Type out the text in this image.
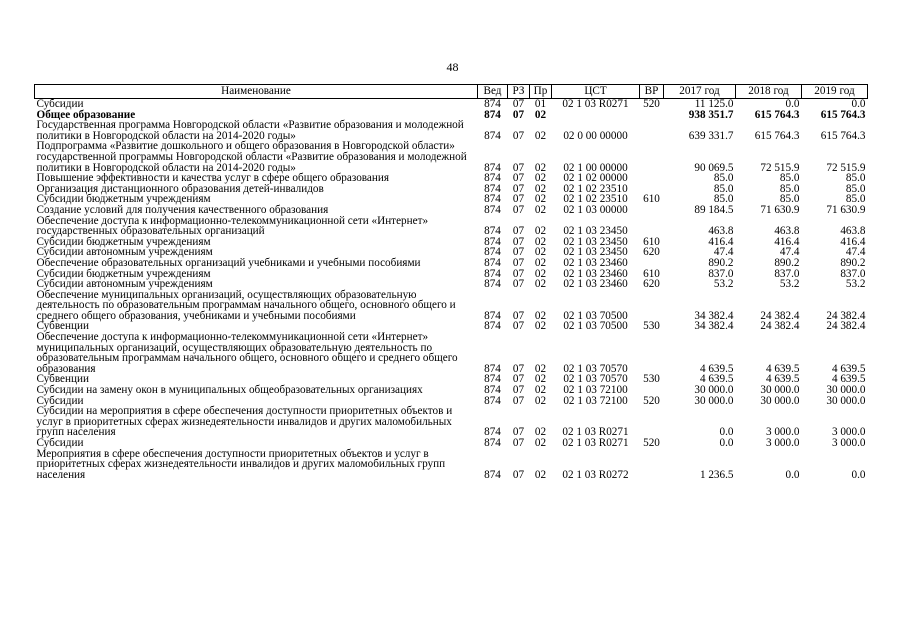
48
Наименование	Вед	РЗ	Пр	ЦСТ	ВР	2017 год	2018 год	2019 год
Субсидии	874	07	01	02 1 03 R0271	520	11 125.0	0.0	0.0
Общее образование	874	07	02			938 351.7	615 764.3	615 764.3
Государственная программа Новгородской области «Развитие образования и молодежной политики в Новгородской области на 2014-2020 годы»	874	07	02	02 0 00 00000		639 331.7	615 764.3	615 764.3
Подпрограмма «Развитие дошкольного и общего образования в Новгородской области» государственной программы Новгородской области «Развитие образования и молодежной политики в Новгородской области на 2014-2020 годы»	874	07	02	02 1 00 00000		90 069.5	72 515.9	72 515.9
Повышение эффективности и качества услуг в сфере общего образования	874	07	02	02 1 02 00000		85.0	85.0	85.0
Организация дистанционного образования детей-инвалидов	874	07	02	02 1 02 23510		85.0	85.0	85.0
Субсидии бюджетным учреждениям	874	07	02	02 1 02 23510	610	85.0	85.0	85.0
Создание условий для получения качественного образования	874	07	02	02 1 03 00000		89 184.5	71 630.9	71 630.9
Обеспечение доступа к информационно-телекоммуникационной сети «Интернет» государственных образовательных организаций	874	07	02	02 1 03 23450		463.8	463.8	463.8
Субсидии бюджетным учреждениям	874	07	02	02 1 03 23450	610	416.4	416.4	416.4
Субсидии автономным учреждениям	874	07	02	02 1 03 23450	620	47.4	47.4	47.4
Обеспечение образовательных организаций учебниками и учебными пособиями	874	07	02	02 1 03 23460		890.2	890.2	890.2
Субсидии бюджетным учреждениям	874	07	02	02 1 03 23460	610	837.0	837.0	837.0
Субсидии автономным учреждениям	874	07	02	02 1 03 23460	620	53.2	53.2	53.2
Обеспечение муниципальных организаций, осуществляющих образовательную деятельность по образовательным программам начального общего, основного общего и среднего общего образования, учебниками и учебными пособиями	874	07	02	02 1 03 70500		34 382.4	24 382.4	24 382.4
Субвенции	874	07	02	02 1 03 70500	530	34 382.4	24 382.4	24 382.4
Обеспечение доступа к информационно-телекоммуникационной сети «Интернет» муниципальных организаций, осуществляющих образовательную деятельность по образовательным программам начального общего, основного общего и среднего общего образования	874	07	02	02 1 03 70570		4 639.5	4 639.5	4 639.5
Субвенции	874	07	02	02 1 03 70570	530	4 639.5	4 639.5	4 639.5
Субсидии на замену окон в муниципальных общеобразовательных организациях	874	07	02	02 1 03 72100		30 000.0	30 000.0	30 000.0
Субсидии	874	07	02	02 1 03 72100	520	30 000.0	30 000.0	30 000.0
Субсидии на мероприятия в сфере обеспечения доступности приоритетных объектов и услуг в приоритетных сферах жизнедеятельности инвалидов и других маломобильных групп населения	874	07	02	02 1 03 R0271		0.0	3 000.0	3 000.0
Субсидии	874	07	02	02 1 03 R0271	520	0.0	3 000.0	3 000.0
Мероприятия в сфере обеспечения доступности приоритетных объектов и услуг в приоритетных сферах жизнедеятельности инвалидов и других маломобильных групп населения	874	07	02	02 1 03 R0272		1 236.5	0.0	0.0
